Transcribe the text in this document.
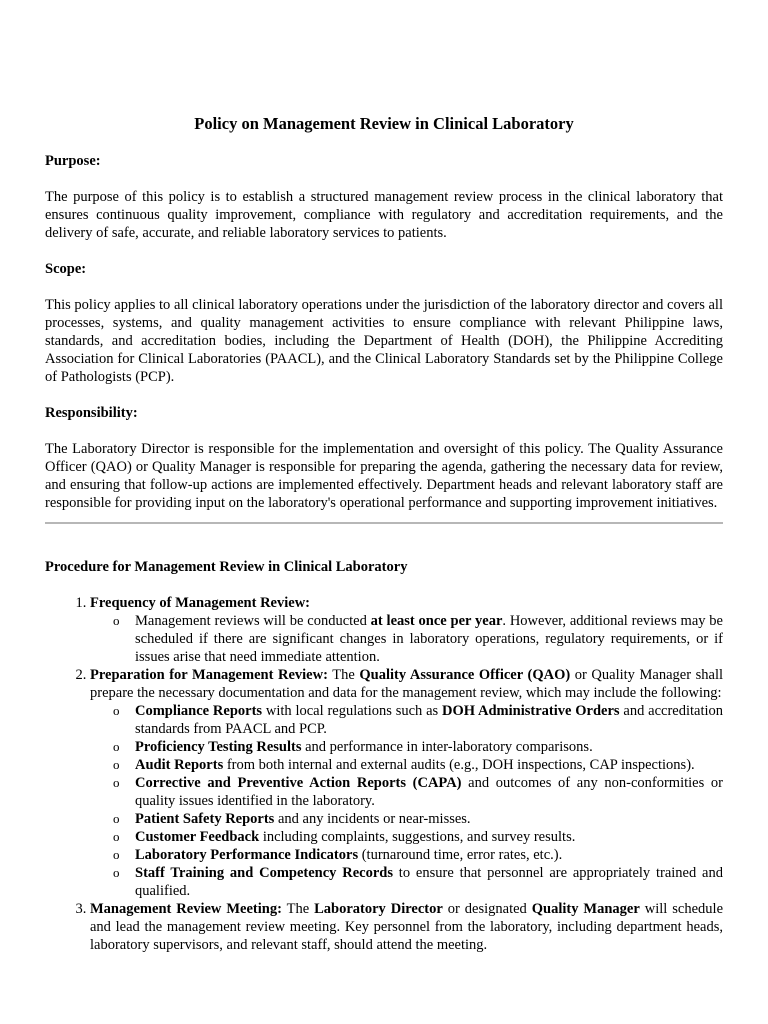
Policy on Management Review in Clinical Laboratory
Purpose:
The purpose of this policy is to establish a structured management review process in the clinical laboratory that ensures continuous quality improvement, compliance with regulatory and accreditation requirements, and the delivery of safe, accurate, and reliable laboratory services to patients.
Scope:
This policy applies to all clinical laboratory operations under the jurisdiction of the laboratory director and covers all processes, systems, and quality management activities to ensure compliance with relevant Philippine laws, standards, and accreditation bodies, including the Department of Health (DOH), the Philippine Accrediting Association for Clinical Laboratories (PAACL), and the Clinical Laboratory Standards set by the Philippine College of Pathologists (PCP).
Responsibility:
The Laboratory Director is responsible for the implementation and oversight of this policy. The Quality Assurance Officer (QAO) or Quality Manager is responsible for preparing the agenda, gathering the necessary data for review, and ensuring that follow-up actions are implemented effectively. Department heads and relevant laboratory staff are responsible for providing input on the laboratory's operational performance and supporting improvement initiatives.
Procedure for Management Review in Clinical Laboratory
1. Frequency of Management Review:
o Management reviews will be conducted at least once per year. However, additional reviews may be scheduled if there are significant changes in laboratory operations, regulatory requirements, or if issues arise that need immediate attention.
2. Preparation for Management Review: The Quality Assurance Officer (QAO) or Quality Manager shall prepare the necessary documentation and data for the management review, which may include the following:
o Compliance Reports with local regulations such as DOH Administrative Orders and accreditation standards from PAACL and PCP.
o Proficiency Testing Results and performance in inter-laboratory comparisons.
o Audit Reports from both internal and external audits (e.g., DOH inspections, CAP inspections).
o Corrective and Preventive Action Reports (CAPA) and outcomes of any non-conformities or quality issues identified in the laboratory.
o Patient Safety Reports and any incidents or near-misses.
o Customer Feedback including complaints, suggestions, and survey results.
o Laboratory Performance Indicators (turnaround time, error rates, etc.).
o Staff Training and Competency Records to ensure that personnel are appropriately trained and qualified.
3. Management Review Meeting: The Laboratory Director or designated Quality Manager will schedule and lead the management review meeting. Key personnel from the laboratory, including department heads, laboratory supervisors, and relevant staff, should attend the meeting.
